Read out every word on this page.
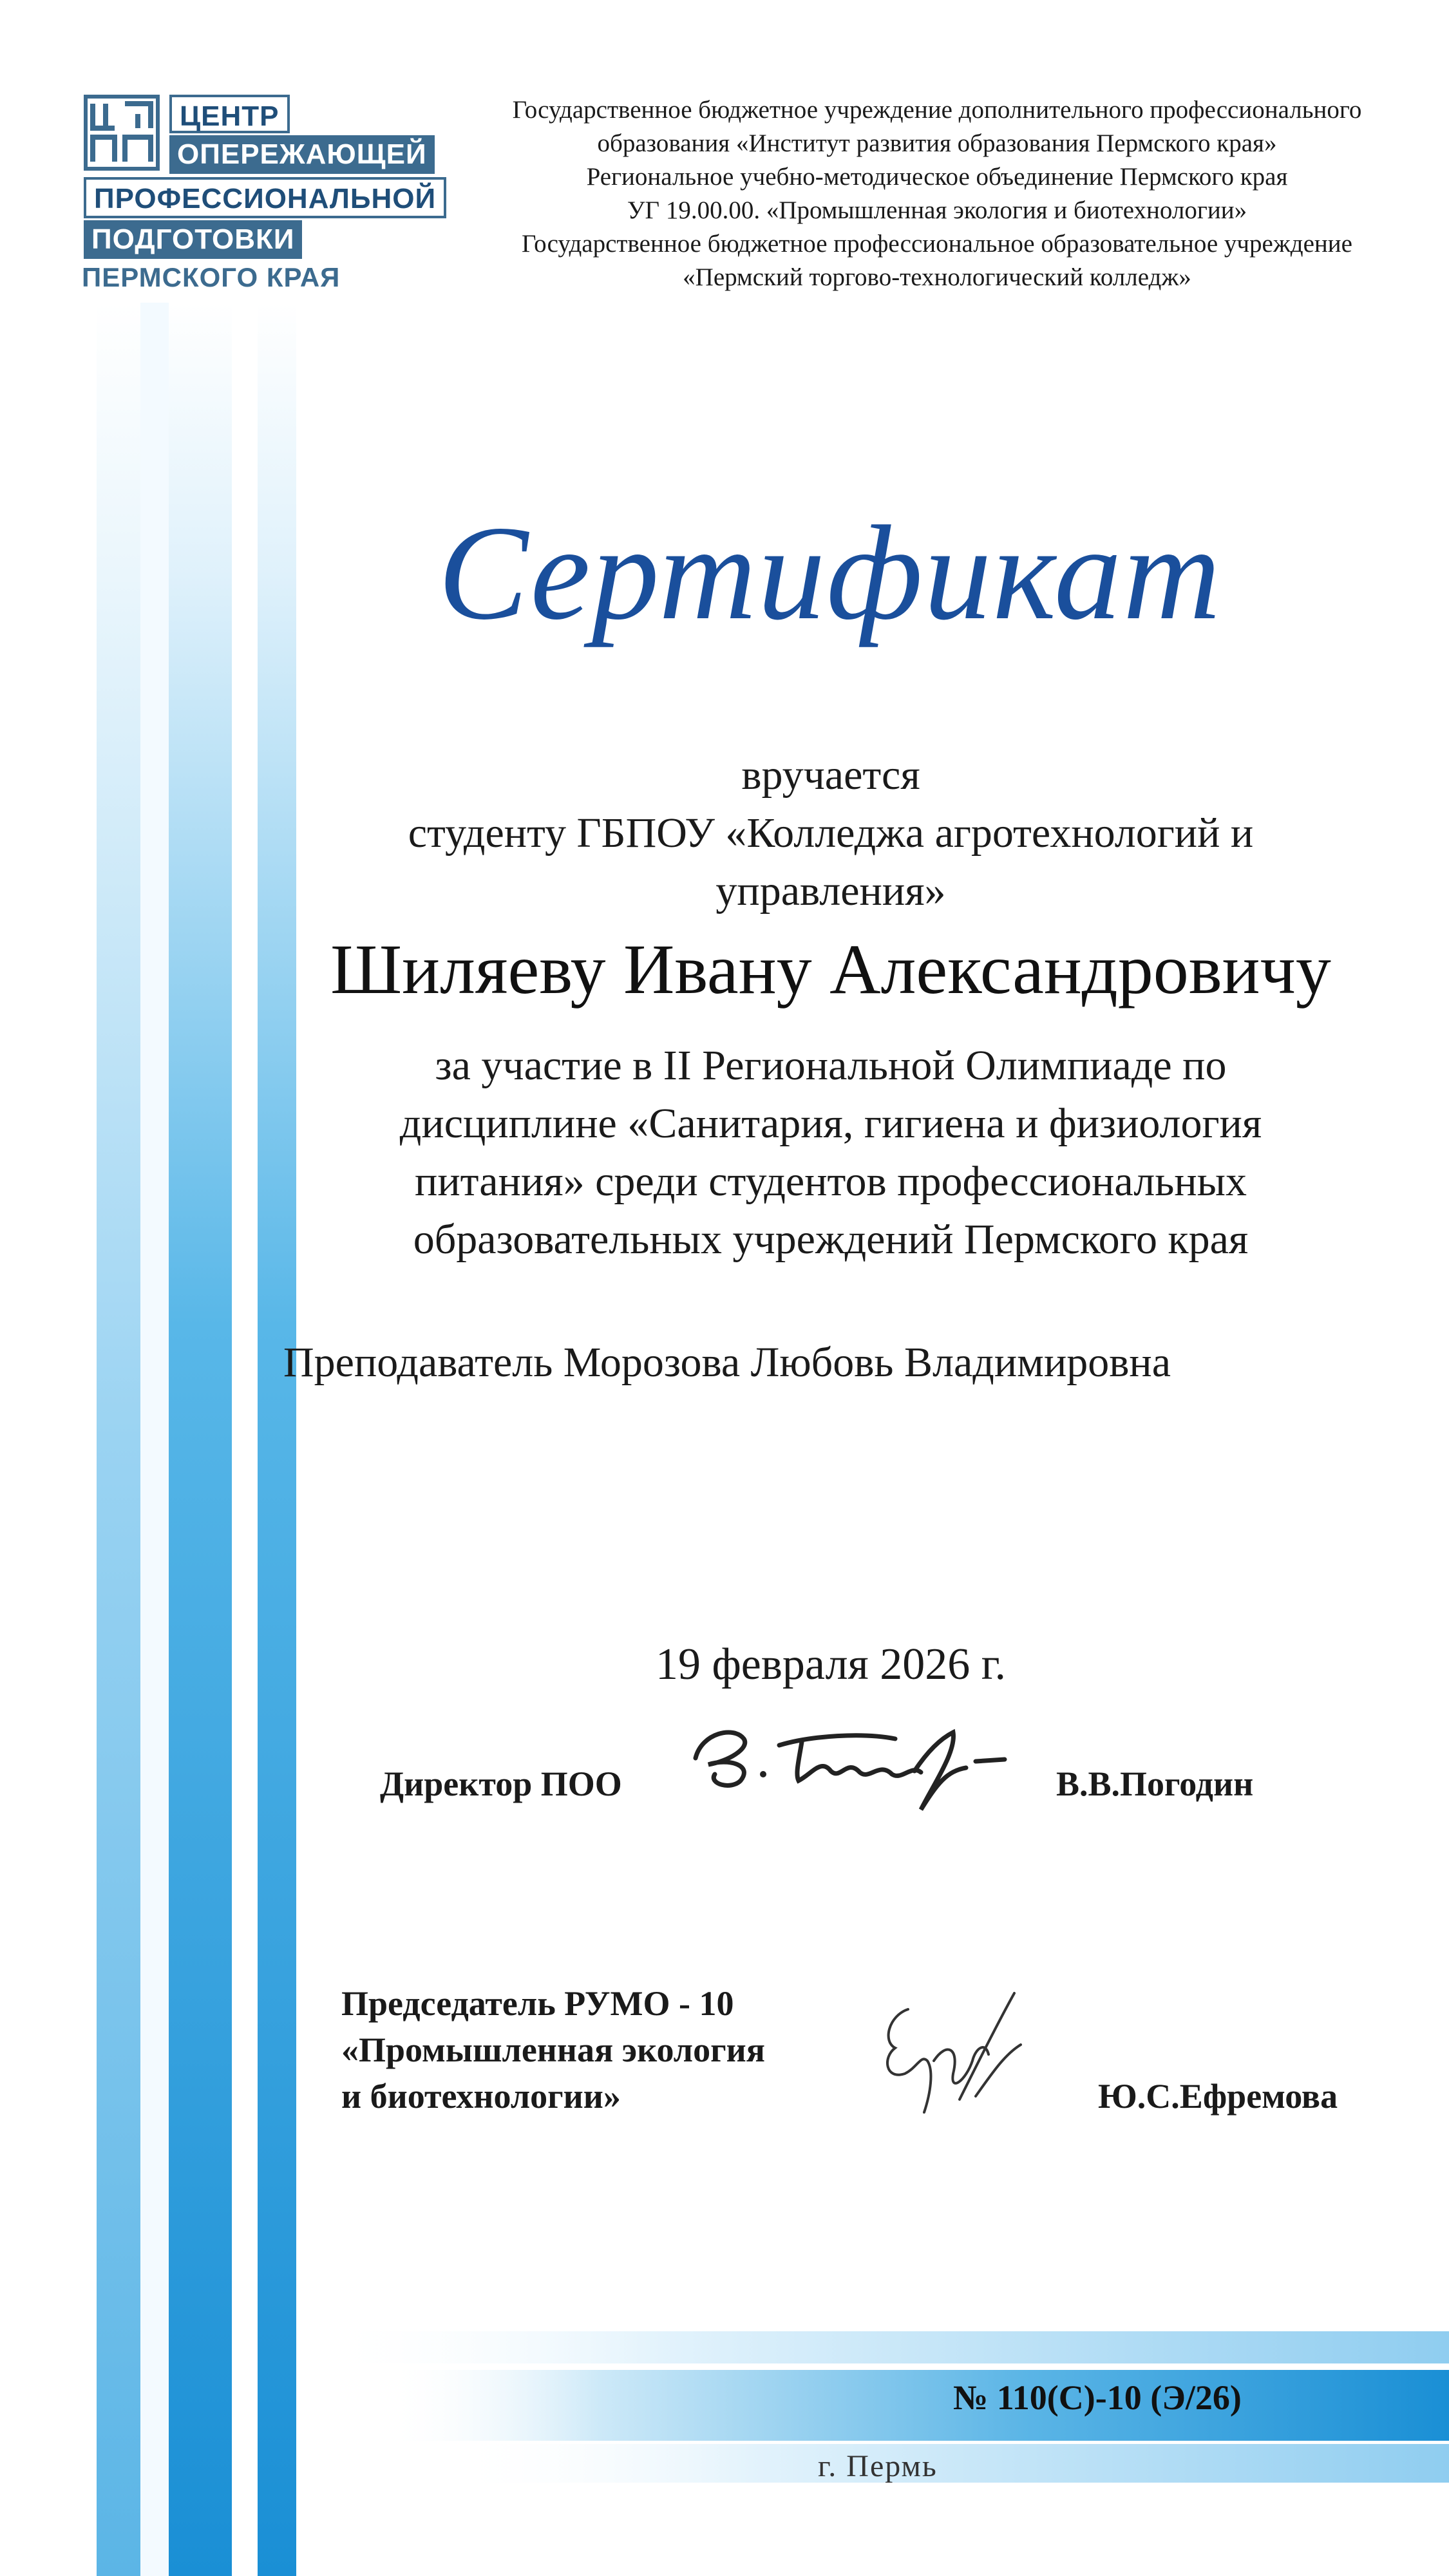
ЦЕНТР
ОПЕРЕЖАЮЩЕЙ
ПРОФЕССИОНАЛЬНОЙ
ПОДГОТОВКИ
ПЕРМСКОГО КРАЯ
Государственное бюджетное учреждение дополнительного профессионального
образования «Институт развития образования Пермского края»
Региональное учебно-методическое объединение Пермского края
УГ 19.00.00. «Промышленная экология и биотехнологии»
Государственное бюджетное профессиональное образовательное учреждение
«Пермский торгово-технологический колледж»
Сертификат
вручается
студенту ГБПОУ «Колледжа агротехнологий и
управления»
Шиляеву Ивану Александровичу
за участие в II Региональной Олимпиаде по
дисциплине «Санитария, гигиена и физиология
питания» среди студентов профессиональных
образовательных учреждений Пермского края
Преподаватель Морозова Любовь Владимировна
19 февраля 2026 г.
Директор ПОО	В.В.Погодин
Председатель РУМО - 10
«Промышленная экология
и биотехнологии»	Ю.С.Ефремова
№ 110(С)-10 (Э/26)
г. Пермь
